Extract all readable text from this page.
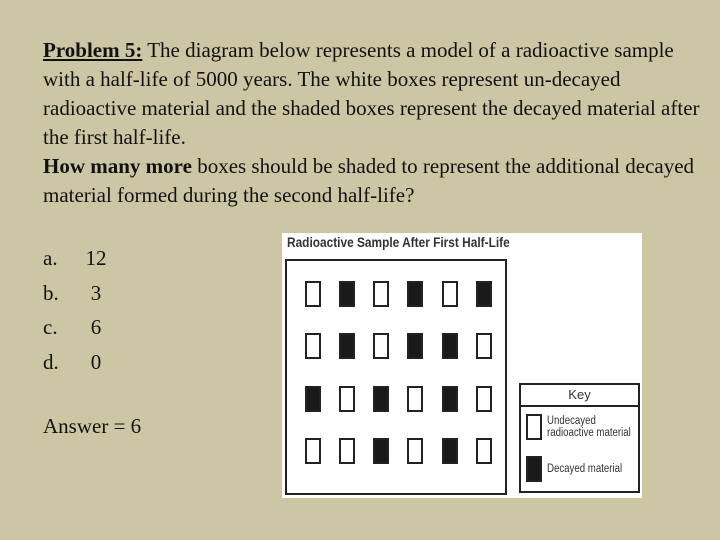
Problem 5: The diagram below represents a model of a radioactive sample with a half-life of 5000 years. The white boxes represent un-decayed radioactive material and the shaded boxes represent the decayed material after the first half-life.
How many more boxes should be shaded to represent the additional decayed material formed during the second half-life?
a.	12
b.	3
c.	6
d.	0
Answer = 6
Radioactive Sample After First Half-Life
Key
Undecayed
radioactive material
Decayed material
